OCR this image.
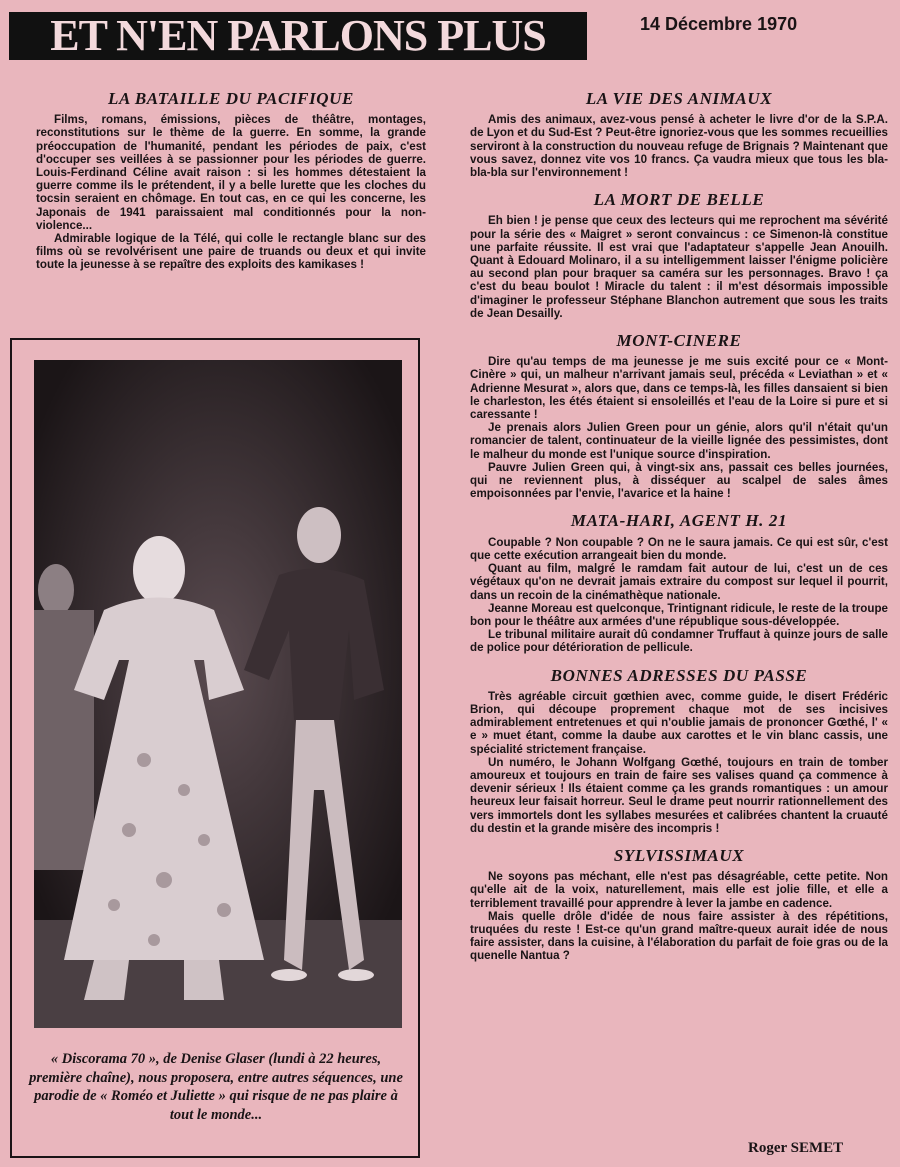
ET N'EN PARLONS PLUS	14 Décembre 1970
LA BATAILLE DU PACIFIQUE

Films, romans, émissions, pièces de théâtre, montages, reconstitutions sur le thème de la guerre. En somme, la grande préoccupation de l'humanité, pendant les périodes de paix, c'est d'occuper ses veillées à se passionner pour les périodes de guerre. Louis-Ferdinand Céline avait raison : si les hommes détestaient la guerre comme ils le prétendent, il y a belle lurette que les cloches du tocsin seraient en chômage. En tout cas, en ce qui les concerne, les Japonais de 1941 paraissaient mal conditionnés pour la non-violence...

Admirable logique de la Télé, qui colle le rectangle blanc sur des films où se revolvérisent une paire de truands ou deux et qui invite toute la jeunesse à se repaître des exploits des kamikases !

« Discorama 70 », de Denise Glaser (lundi à 22 heures, première chaîne), nous proposera, entre autres séquences, une parodie de « Roméo et Juliette » qui risque de ne pas plaire à tout le monde...
LA VIE DES ANIMAUX

Amis des animaux, avez-vous pensé à acheter le livre d'or de la S.P.A. de Lyon et du Sud-Est ? Peut-être ignoriez-vous que les sommes recueillies serviront à la construction du nouveau refuge de Brignais ? Maintenant que vous savez, donnez vite vos 10 francs. Ça vaudra mieux que tous les bla-bla-bla sur l'environnement !

LA MORT DE BELLE

Eh bien ! je pense que ceux des lecteurs qui me reprochent ma sévérité pour la série des « Maigret » seront convaincus : ce Simenon-là constitue une parfaite réussite. Il est vrai que l'adaptateur s'appelle Jean Anouilh. Quant à Edouard Molinaro, il a su intelligemment laisser l'énigme policière au second plan pour braquer sa caméra sur les personnages. Bravo ! ça c'est du beau boulot ! Miracle du talent : il m'est désormais impossible d'imaginer le professeur Stéphane Blanchon autrement que sous les traits de Jean Desailly.

MONT-CINERE

Dire qu'au temps de ma jeunesse je me suis excité pour ce « Mont-Cinère » qui, un malheur n'arrivant jamais seul, précéda « Leviathan » et « Adrienne Mesurat », alors que, dans ce temps-là, les filles dansaient si bien le charleston, les étés étaient si ensoleillés et l'eau de la Loire si pure et si caressante !

Je prenais alors Julien Green pour un génie, alors qu'il n'était qu'un romancier de talent, continuateur de la vieille lignée des pessimistes, dont le malheur du monde est l'unique source d'inspiration.

Pauvre Julien Green qui, à vingt-six ans, passait ces belles journées, qui ne reviennent plus, à disséquer au scalpel de sales âmes empoisonnées par l'envie, l'avarice et la haine !

MATA-HARI, AGENT H. 21

Coupable ? Non coupable ? On ne le saura jamais. Ce qui est sûr, c'est que cette exécution arrangeait bien du monde.

Quant au film, malgré le ramdam fait autour de lui, c'est un de ces végétaux qu'on ne devrait jamais extraire du compost sur lequel il pourrit, dans un recoin de la cinémathèque nationale.

Jeanne Moreau est quelconque, Trintignant ridicule, le reste de la troupe bon pour le théâtre aux armées d'une république sous-développée.

Le tribunal militaire aurait dû condamner Truffaut à quinze jours de salle de police pour détérioration de pellicule.

BONNES ADRESSES DU PASSE

Très agréable circuit gœthien avec, comme guide, le disert Frédéric Brion, qui découpe proprement chaque mot de ses incisives admirablement entretenues et qui n'oublie jamais de prononcer Gœthé, l' « e » muet étant, comme la daube aux carottes et le vin blanc cassis, une spécialité strictement française.

Un numéro, le Johann Wolfgang Gœthé, toujours en train de tomber amoureux et toujours en train de faire ses valises quand ça commence à devenir sérieux ! Ils étaient comme ça les grands romantiques : un amour heureux leur faisait horreur. Seul le drame peut nourrir rationnellement des vers immortels dont les syllabes mesurées et calibrées chantent la cruauté du destin et la grande misère des incompris !

SYLVISSIMAUX

Ne soyons pas méchant, elle n'est pas désagréable, cette petite. Non qu'elle ait de la voix, naturellement, mais elle est jolie fille, et elle a terriblement travaillé pour apprendre à lever la jambe en cadence.

Mais quelle drôle d'idée de nous faire assister à des répétitions, truquées du reste ! Est-ce qu'un grand maître-queux aurait idée de nous faire assister, dans la cuisine, à l'élaboration du parfait de foie gras ou de la quenelle Nantua ?

Roger SEMET
